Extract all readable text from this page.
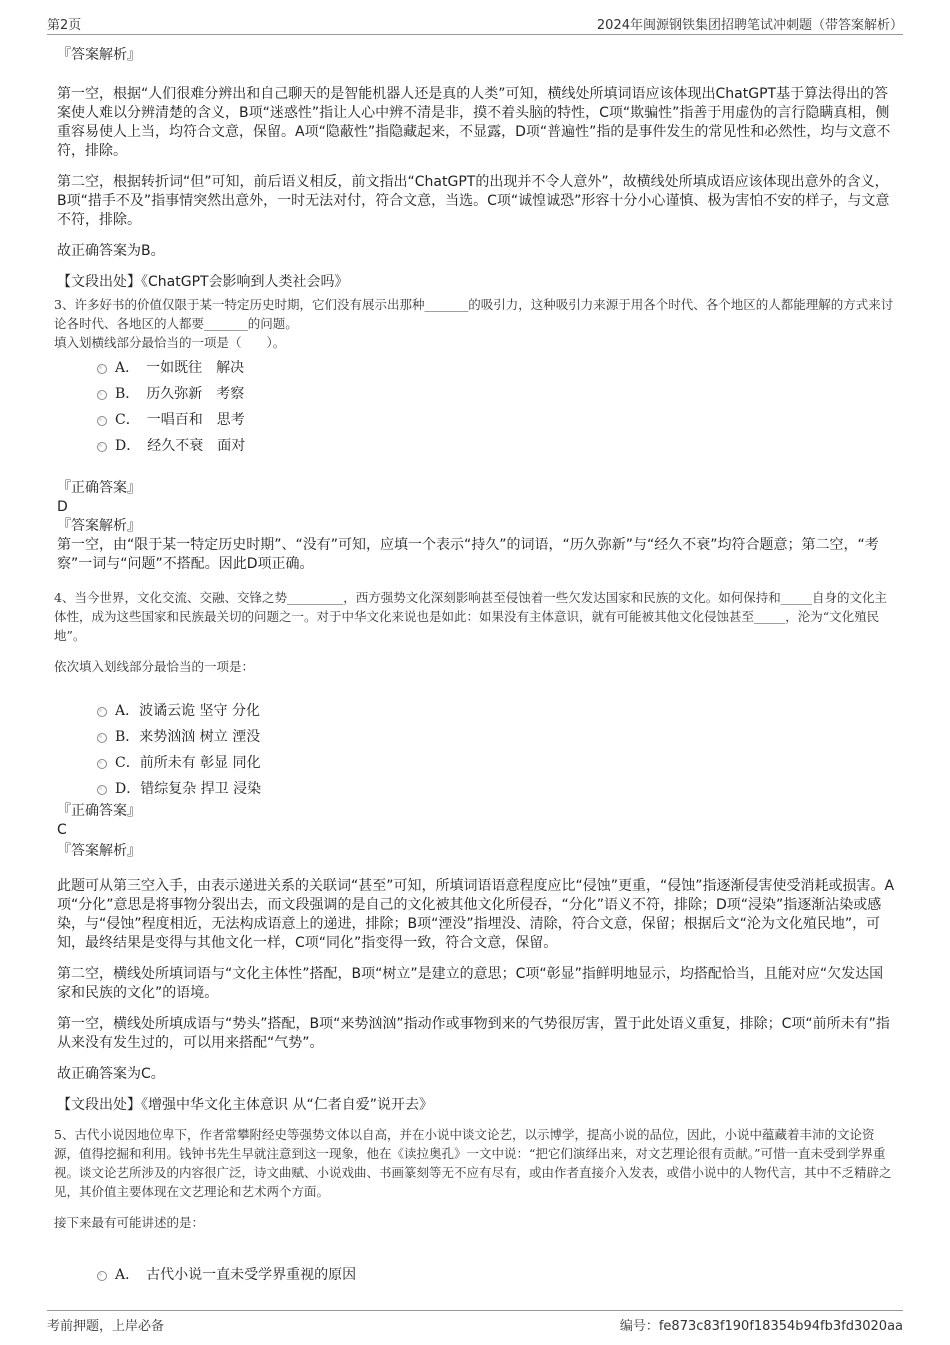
第2页	2024年闽源钢铁集团招聘笔试冲刺题（带答案解析）

『答案解析』

第一空，根据“人们很难分辨出和自己聊天的是智能机器人还是真的人类”可知，横线处所填词语应该体现出ChatGPT基于算法得出的答案使人难以分辨清楚的含义，B项“迷惑性”指让人心中辨不清是非，摸不着头脑的特性，C项“欺骗性”指善于用虚伪的言行隐瞒真相，侧重容易使人上当，均符合文意，保留。A项“隐蔽性”指隐藏起来，不显露，D项“普遍性”指的是事件发生的常见性和必然性，均与文意不符，排除。

第二空，根据转折词“但”可知，前后语义相反，前文指出“ChatGPT的出现并不令人意外”，故横线处所填成语应该体现出意外的含义，B项“措手不及”指事情突然出意外，一时无法对付，符合文意，当选。C项“诚惶诚恐”形容十分小心谨慎、极为害怕不安的样子，与文意不符，排除。

故正确答案为B。

【文段出处】《ChatGPT会影响到人类社会吗》

3、许多好书的价值仅限于某一特定历史时期，它们没有展示出那种_______的吸引力，这种吸引力来源于用各个时代、各个地区的人都能理解的方式来讨论各时代、各地区的人都要_______的问题。

填入划横线部分最恰当的一项是（　　）。

A．　一如既往　解决

B．　历久弥新　考察

C．　一唱百和　思考

D．　经久不衰　面对

『正确答案』

D

『答案解析』

第一空，由“限于某一特定历史时期”、“没有”可知，应填一个表示“持久”的词语，“历久弥新”与“经久不衰”均符合题意；第二空，“考察”一词与“问题”不搭配。因此D项正确。

4、当今世界，文化交流、交融、交锋之势_________，西方强势文化深刻影响甚至侵蚀着一些欠发达国家和民族的文化。如何保持和_____自身的文化主体性，成为这些国家和民族最关切的问题之一。对于中华文化来说也是如此：如果没有主体意识，就有可能被其他文化侵蚀甚至_____，沦为“文化殖民地”。

依次填入划线部分最恰当的一项是：

A．波谲云诡 坚守 分化

B．来势汹汹 树立 湮没

C．前所未有 彰显 同化

D．错综复杂 捍卫 浸染

『正确答案』

C

『答案解析』

此题可从第三空入手，由表示递进关系的关联词“甚至”可知，所填词语语意程度应比“侵蚀”更重，“侵蚀”指逐渐侵害使受消耗或损害。A项“分化”意思是将事物分裂出去，而文段强调的是自己的文化被其他文化所侵吞，“分化”语义不符，排除；D项“浸染”指逐渐沾染或感染，与“侵蚀”程度相近，无法构成语意上的递进，排除；B项“湮没”指埋没、清除，符合文意，保留；根据后文“沦为文化殖民地”，可知，最终结果是变得与其他文化一样，C项“同化”指变得一致，符合文意，保留。

第二空，横线处所填词语与“文化主体性”搭配，B项“树立”是建立的意思；C项“彰显”指鲜明地显示，均搭配恰当，且能对应“欠发达国家和民族的文化”的语境。

第一空，横线处所填成语与“势头”搭配，B项“来势汹汹”指动作或事物到来的气势很厉害，置于此处语义重复，排除；C项“前所未有”指从来没有发生过的，可以用来搭配“气势”。

故正确答案为C。

【文段出处】《增强中华文化主体意识 从“仁者自爱”说开去》

5、古代小说因地位卑下，作者常攀附经史等强势文体以自高，并在小说中谈文论艺，以示博学，提高小说的品位，因此，小说中蕴藏着丰沛的文论资源，值得挖掘和利用。钱钟书先生早就注意到这一现象，他在《读拉奥孔》一文中说：“把它们演绎出来，对文艺理论很有贡献。”可惜一直未受到学界重视。谈文论艺所涉及的内容很广泛，诗文曲赋、小说戏曲、书画篆刻等无不应有尽有，或由作者直接介入发表，或借小说中的人物代言，其中不乏精辟之见，其价值主要体现在文艺理论和艺术两个方面。

接下来最有可能讲述的是：

A．　古代小说一直未受学界重视的原因

考前押题，上岸必备	编号：fe873c83f190f18354b94fb3fd3020aa
